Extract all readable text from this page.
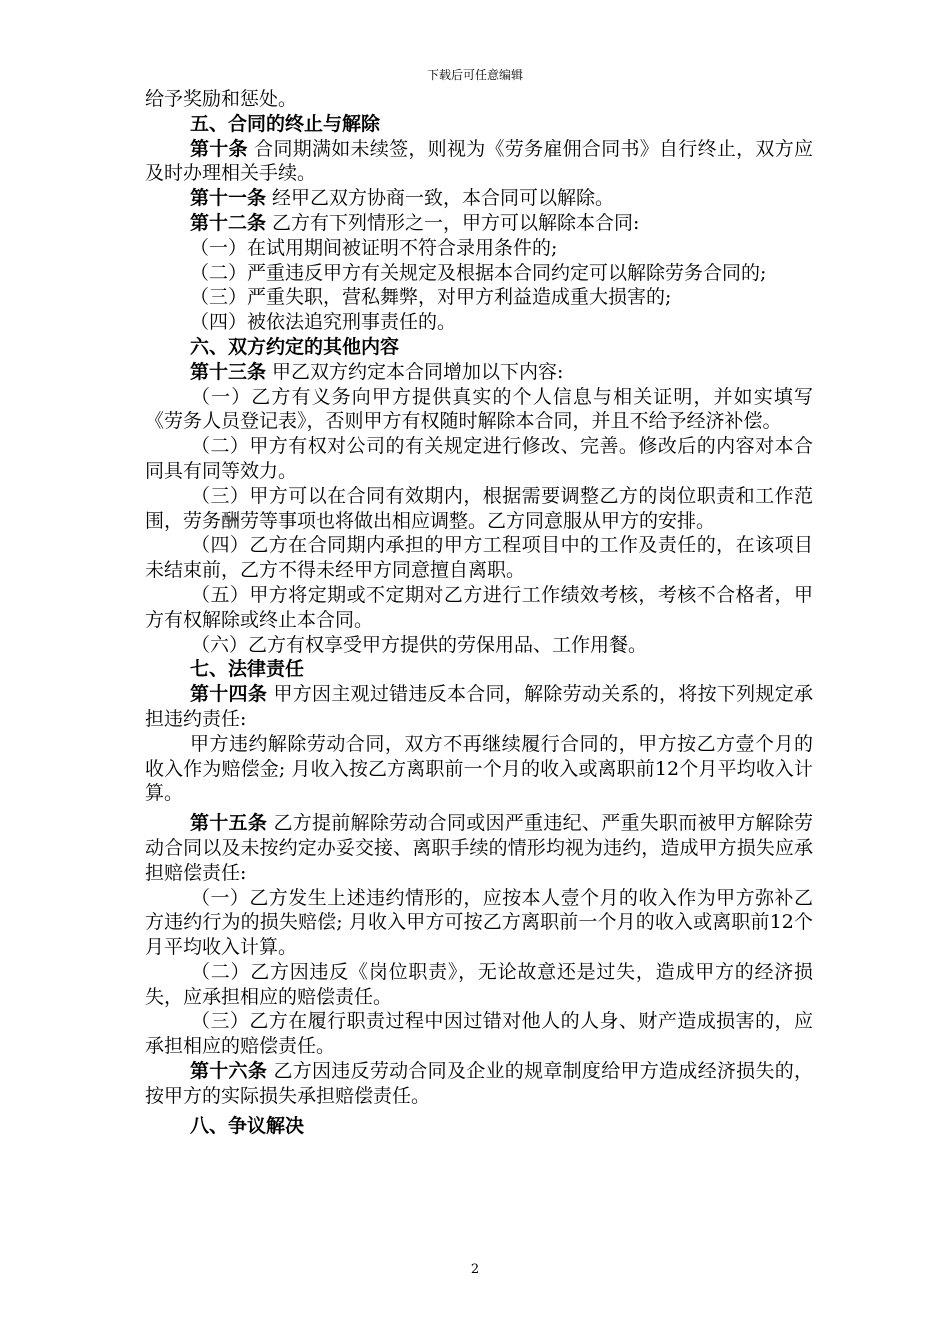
下载后可任意编辑

给予奖励和惩处。

五、合同的终止与解除

第十条 合同期满如未续签，则视为《劳务雇佣合同书》自行终止，双方应及时办理相关手续。

第十一条 经甲乙双方协商一致，本合同可以解除。

第十二条 乙方有下列情形之一，甲方可以解除本合同:

（一）在试用期间被证明不符合录用条件的;

（二）严重违反甲方有关规定及根据本合同约定可以解除劳务合同的;

（三）严重失职，营私舞弊，对甲方利益造成重大损害的;

（四）被依法追究刑事责任的。

六、双方约定的其他内容

第十三条 甲乙双方约定本合同增加以下内容:

（一）乙方有义务向甲方提供真实的个人信息与相关证明，并如实填写《劳务人员登记表》，否则甲方有权随时解除本合同，并且不给予经济补偿。

（二）甲方有权对公司的有关规定进行修改、完善。修改后的内容对本合同具有同等效力。

（三）甲方可以在合同有效期内，根据需要调整乙方的岗位职责和工作范围，劳务酬劳等事项也将做出相应调整。乙方同意服从甲方的安排。

（四）乙方在合同期内承担的甲方工程项目中的工作及责任的，在该项目未结束前，乙方不得未经甲方同意擅自离职。

（五）甲方将定期或不定期对乙方进行工作绩效考核，考核不合格者，甲方有权解除或终止本合同。

（六）乙方有权享受甲方提供的劳保用品、工作用餐。

七、法律责任

第十四条 甲方因主观过错违反本合同，解除劳动关系的，将按下列规定承担违约责任:

甲方违约解除劳动合同，双方不再继续履行合同的，甲方按乙方壹个月的收入作为赔偿金; 月收入按乙方离职前一个月的收入或离职前12个月平均收入计算。

第十五条 乙方提前解除劳动合同或因严重违纪、严重失职而被甲方解除劳动合同以及未按约定办妥交接、离职手续的情形均视为违约，造成甲方损失应承担赔偿责任:

（一）乙方发生上述违约情形的，应按本人壹个月的收入作为甲方弥补乙方违约行为的损失赔偿; 月收入甲方可按乙方离职前一个月的收入或离职前12个月平均收入计算。

（二）乙方因违反《岗位职责》，无论故意还是过失，造成甲方的经济损失，应承担相应的赔偿责任。

（三）乙方在履行职责过程中因过错对他人的人身、财产造成损害的，应承担相应的赔偿责任。

第十六条 乙方因违反劳动合同及企业的规章制度给甲方造成经济损失的，按甲方的实际损失承担赔偿责任。

八、争议解决

2
